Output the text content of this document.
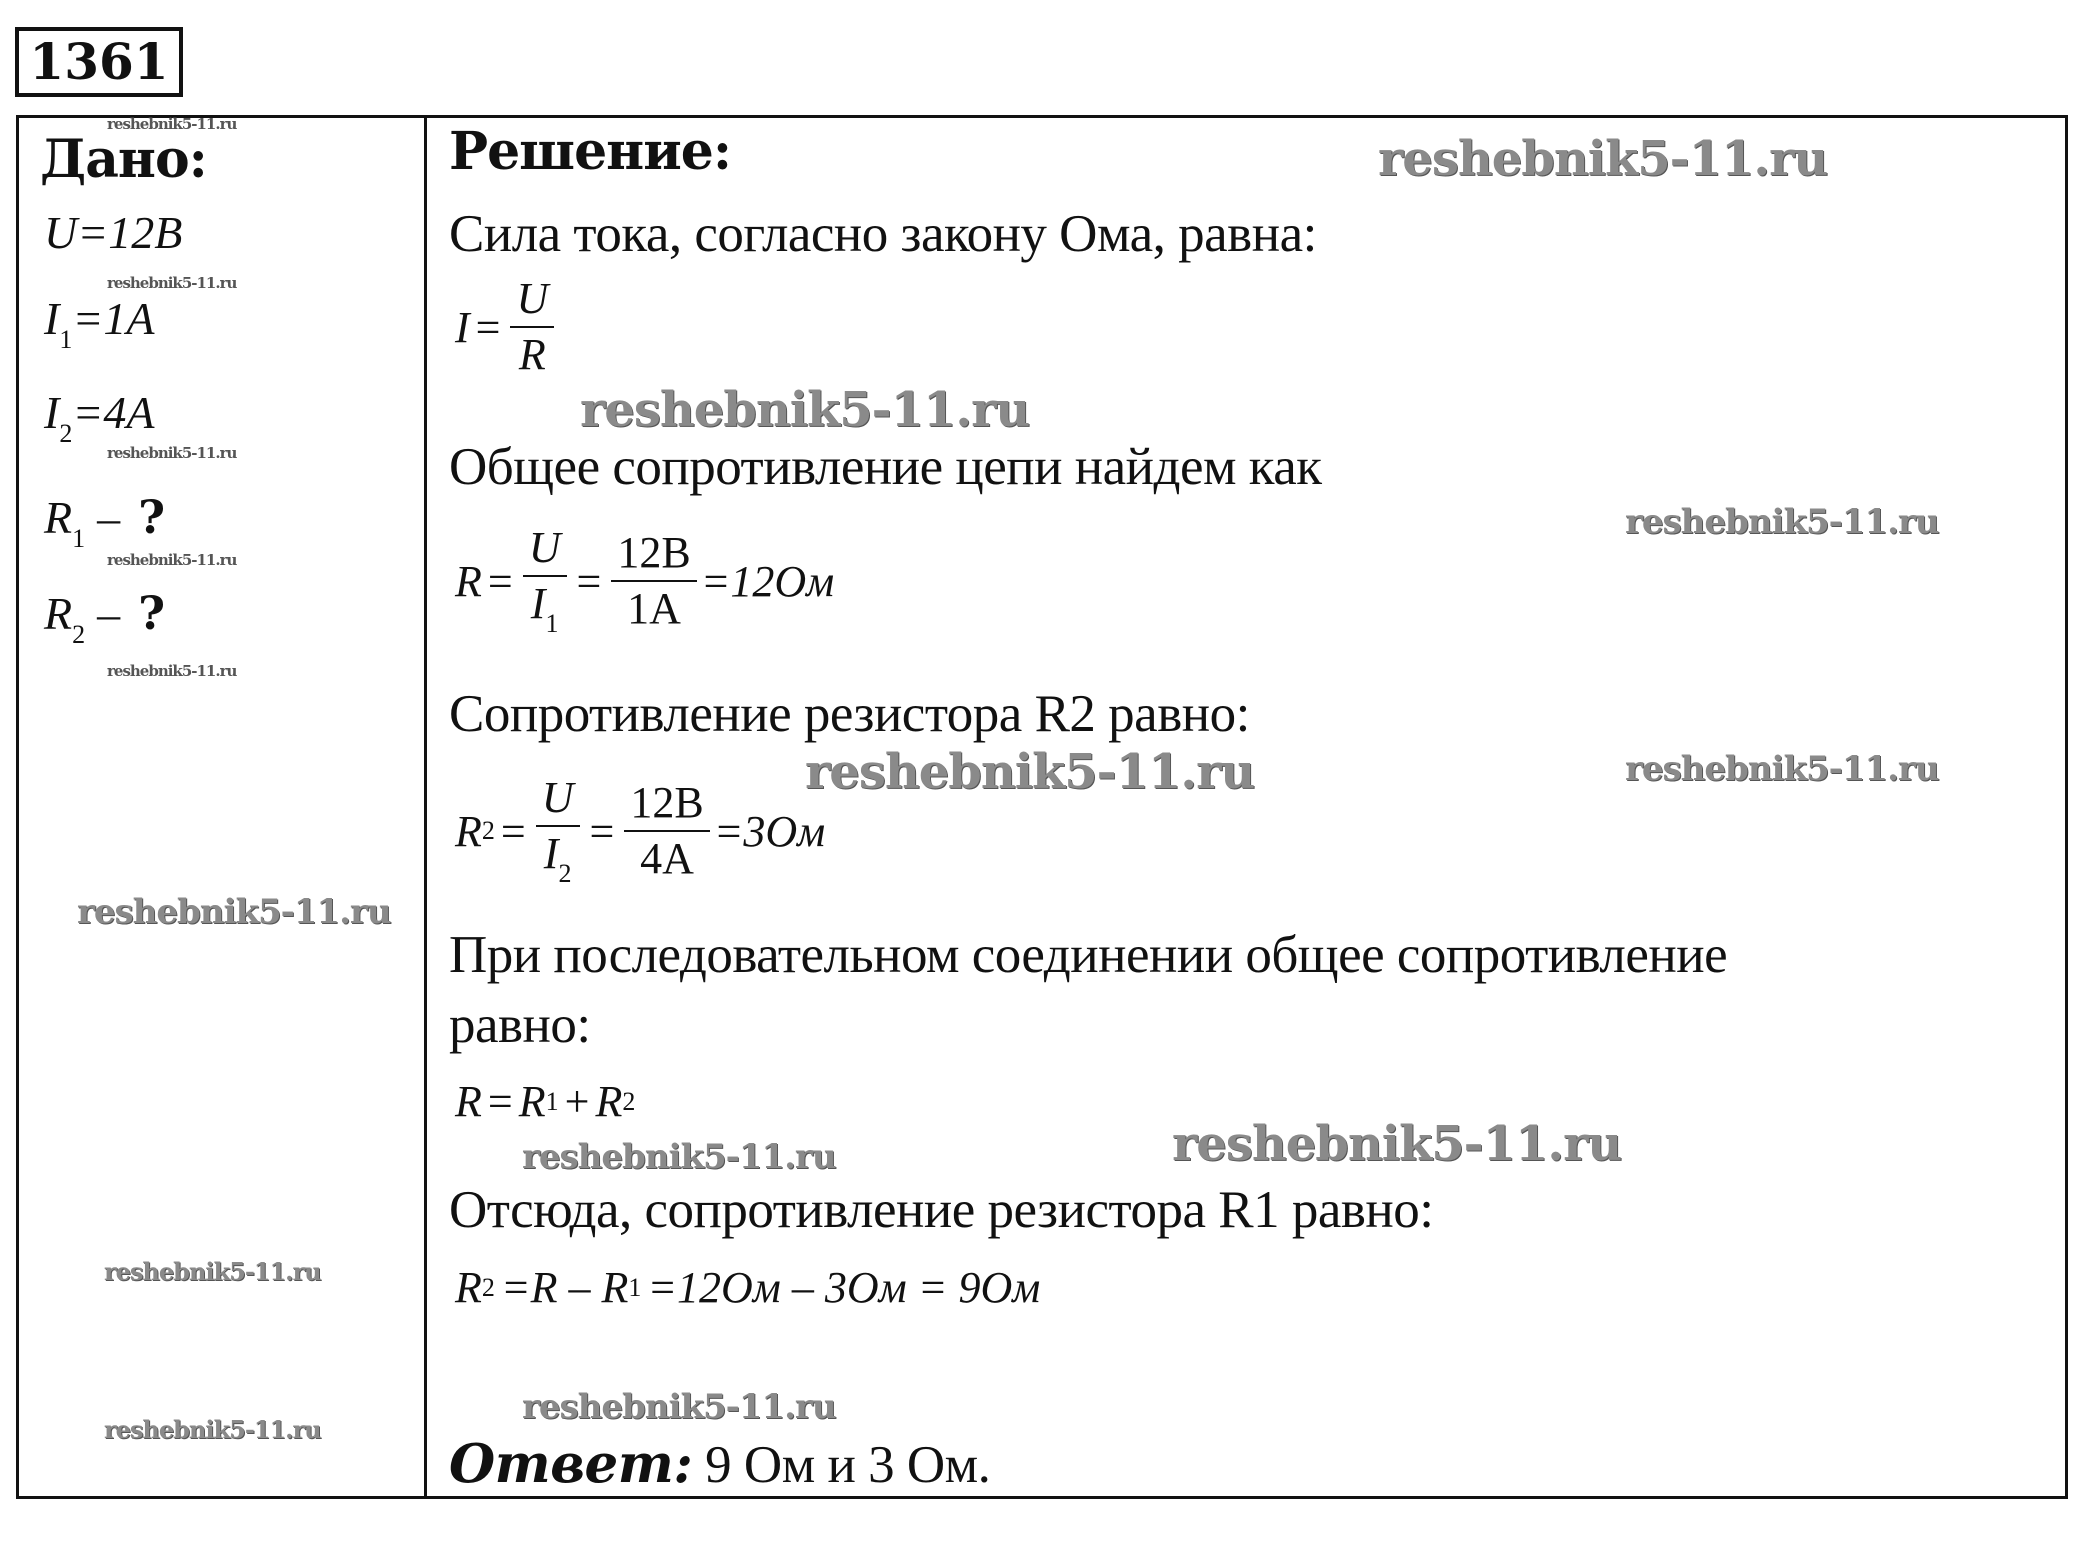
1361
Дано:
U=12B
$I_1=1A$
$I_2=4A$
$R_1$ – ?
$R_2$ – ?
Решение:
Сила тока, согласно закону Ома, равна:
$I = \frac{U}{R}$
Общее сопротивление цепи найдем как
$R = \frac{U}{I1} = \frac{12B}{1A} =12Ом$
Сопротивление резистора R2 равно:
R $2 = \frac{U}{I2} = \frac{12B}{4A} =3Ом$
При последовательном соединении общее сопротивление
равно:
R = R 1 + R 2
Отсюда, сопротивление резистора R1 равно:
R 2 =R – R 1 =12Ом – 3Ом = 9Ом
Ответ: 9 Ом и 3 Ом.
reshebnik5-11.ru
reshebnik5-11.ru
reshebnik5-11.ru
reshebnik5-11.ru
reshebnik5-11.ru
reshebnik5-11.ru
reshebnik5-11.ru
reshebnik5-11.ru
reshebnik5-11.ru	reshebnik5-11.ru
reshebnik5-11.ru
reshebnik5-11.ru	reshebnik5-11.ru
reshebnik5-11.ru
reshebnik5-11.ru
reshebnik5-11.ru
